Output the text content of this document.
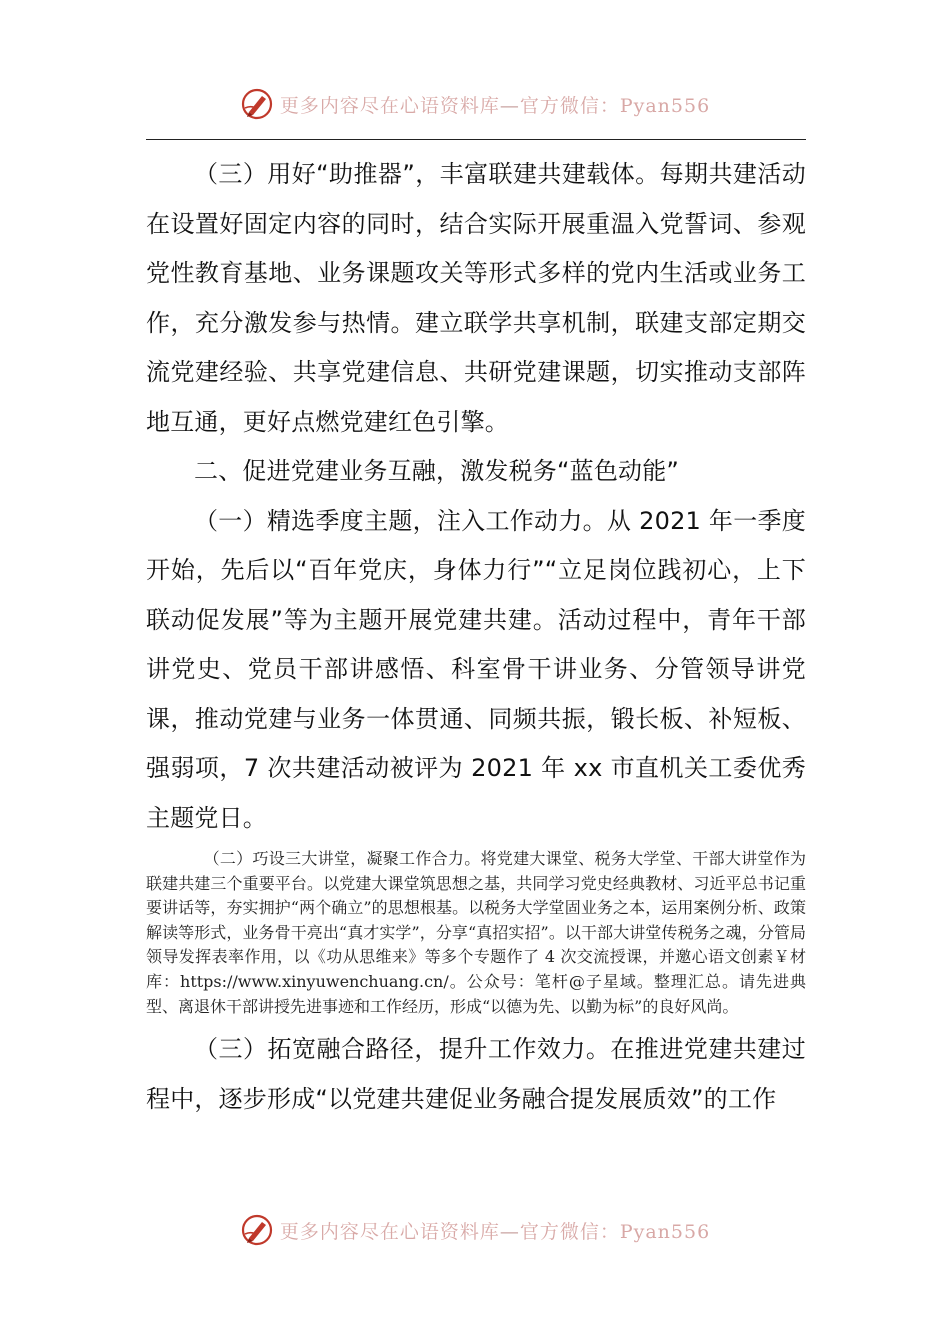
更多内容尽在心语资料库—官方微信：Pyan556

（三）用好“助推器”，丰富联建共建载体。每期共建活动在设置好固定内容的同时，结合实际开展重温入党誓词、参观党性教育基地、业务课题攻关等形式多样的党内生活或业务工作，充分激发参与热情。建立联学共享机制，联建支部定期交流党建经验、共享党建信息、共研党建课题，切实推动支部阵地互通，更好点燃党建红色引擎。

二、促进党建业务互融，激发税务“蓝色动能”

（一）精选季度主题，注入工作动力。从 2021 年一季度开始，先后以“百年党庆，身体力行”“立足岗位践初心，上下联动促发展”等为主题开展党建共建。活动过程中，青年干部讲党史、党员干部讲感悟、科室骨干讲业务、分管领导讲党课，推动党建与业务一体贯通、同频共振，锻长板、补短板、强弱项，7 次共建活动被评为 2021 年 xx 市直机关工委优秀主题党日。

（二）巧设三大讲堂，凝聚工作合力。将党建大课堂、税务大学堂、干部大讲堂作为联建共建三个重要平台。以党建大课堂筑思想之基，共同学习党史经典教材、习近平总书记重要讲话等，夯实拥护“两个确立”的思想根基。以税务大学堂固业务之本，运用案例分析、政策解读等形式，业务骨干亮出“真才实学”，分享“真招实招”。以干部大讲堂传税务之魂，分管局领导发挥表率作用，以《功从思维来》等多个专题作了 4 次交流授课，并邀心语文创素￥材库：https://www.xinyuwenchuang.cn/。公众号：笔杆@子星域。整理汇总。请先进典型、离退休干部讲授先进事迹和工作经历，形成“以德为先、以勤为标”的良好风尚。

（三）拓宽融合路径，提升工作效力。在推进党建共建过程中，逐步形成“以党建共建促业务融合提发展质效”的工作

更多内容尽在心语资料库—官方微信：Pyan556
